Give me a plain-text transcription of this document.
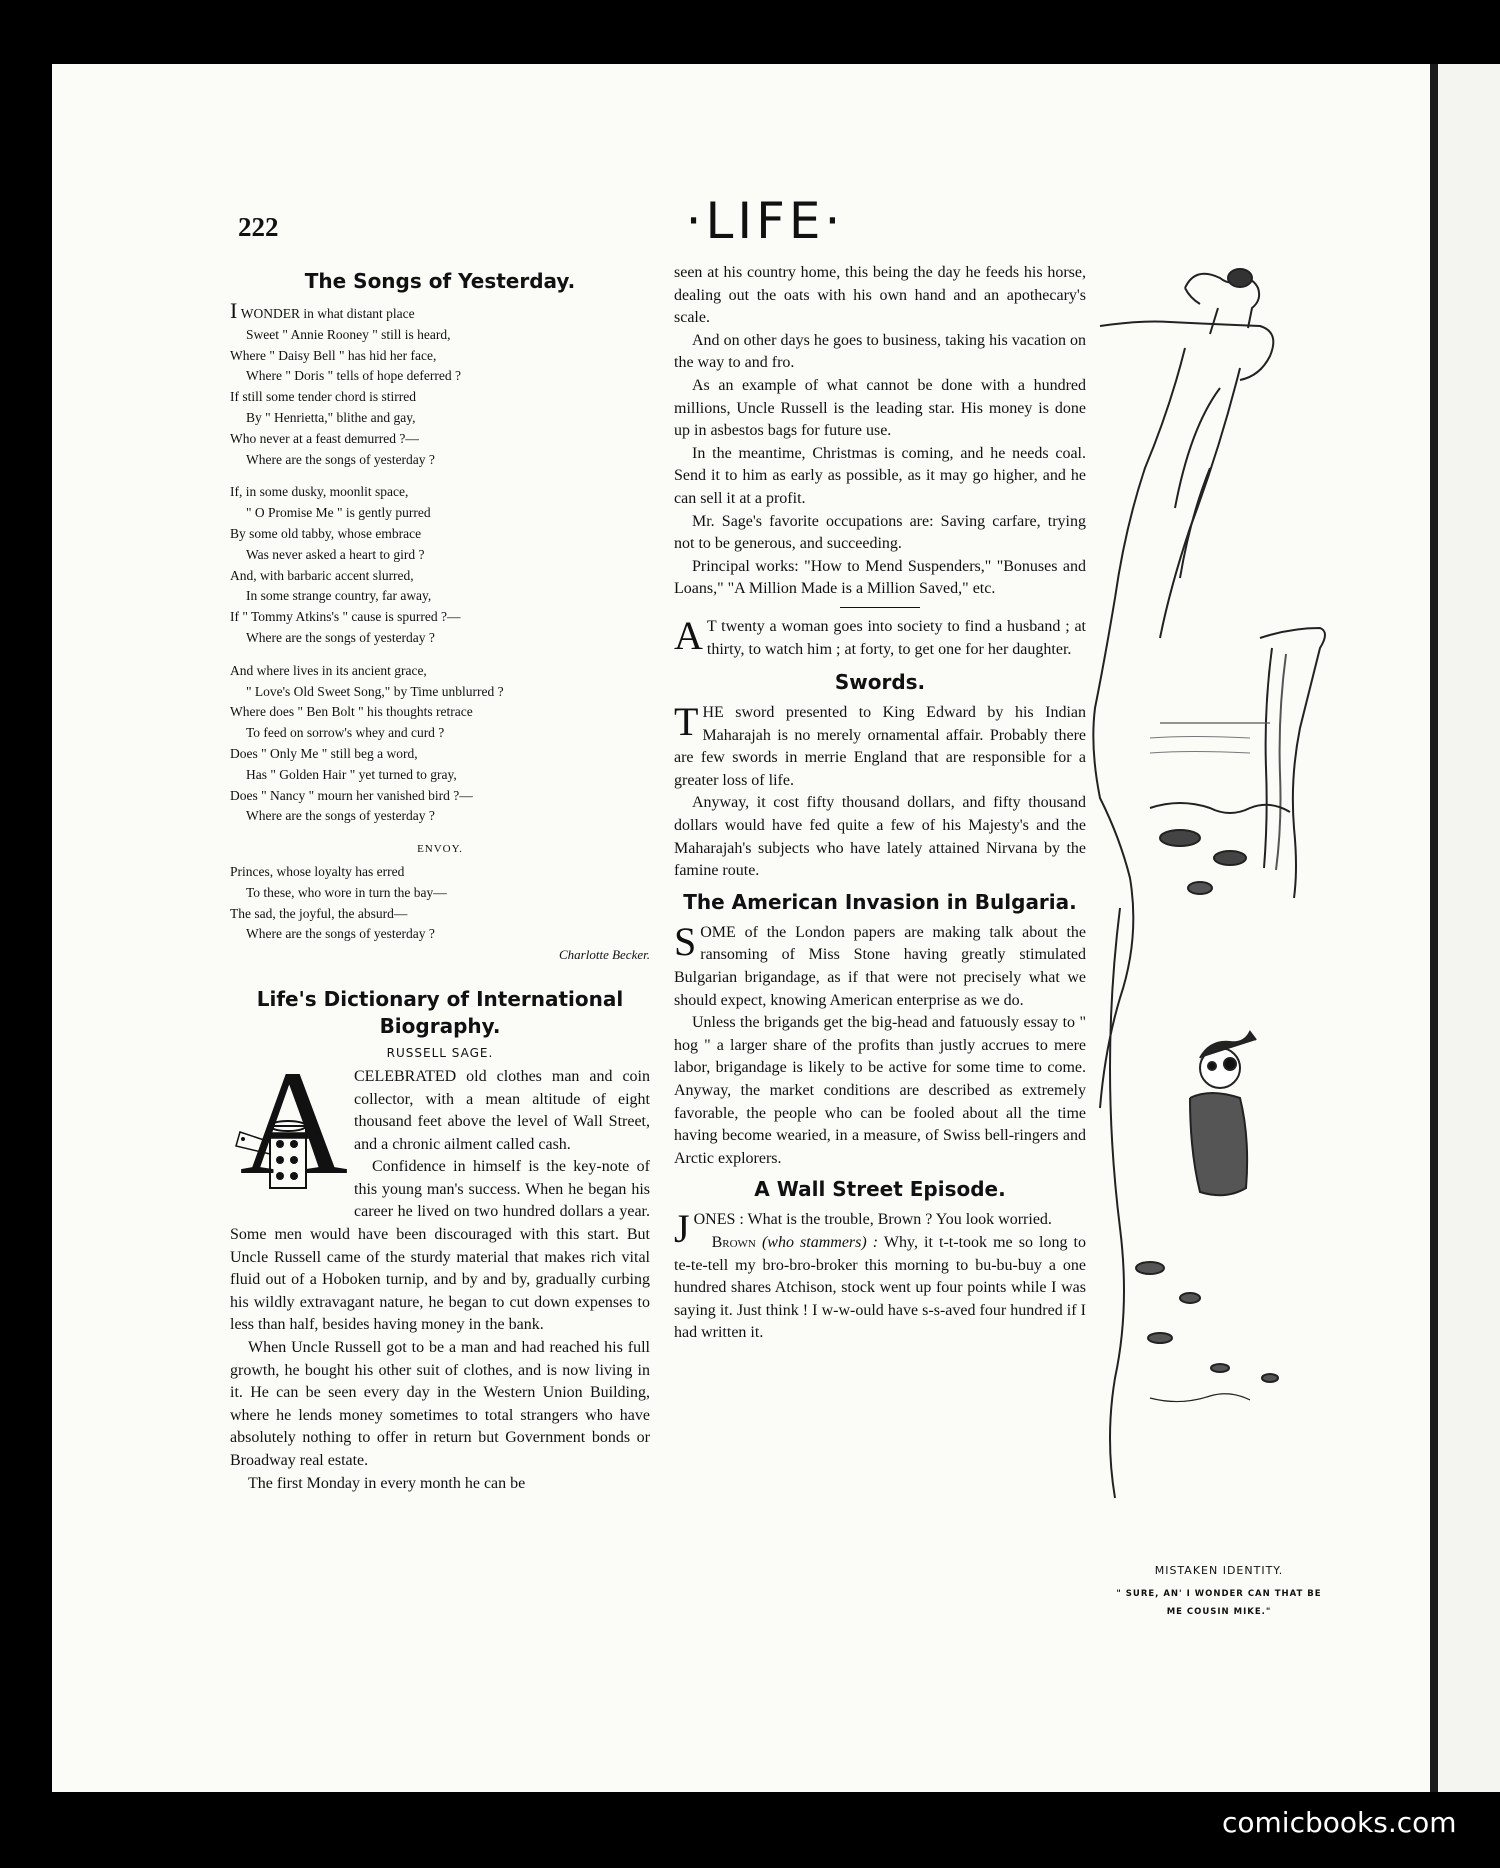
222	·LIFE·
The Songs of Yesterday.
I WONDER in what distant place
Sweet " Annie Rooney " still is heard,
Where " Daisy Bell " has hid her face,
Where " Doris " tells of hope deferred ?
If still some tender chord is stirred
By " Henrietta," blithe and gay,
Who never at a feast demurred ?—
Where are the songs of yesterday ?
If, in some dusky, moonlit space,
" O Promise Me " is gently purred
By some old tabby, whose embrace
Was never asked a heart to gird ?
And, with barbaric accent slurred,
In some strange country, far away,
If " Tommy Atkins's " cause is spurred ?—
Where are the songs of yesterday ?
And where lives in its ancient grace,
" Love's Old Sweet Song," by Time unblurred ?
Where does " Ben Bolt " his thoughts retrace
To feed on sorrow's whey and curd ?
Does " Only Me " still beg a word,
Has " Golden Hair " yet turned to gray,
Does " Nancy " mourn her vanished bird ?—
Where are the songs of yesterday ?
ENVOY.
Princes, whose loyalty has erred
To these, who wore in turn the bay—
The sad, the joyful, the absurd—
Where are the songs of yesterday ?
Charlotte Becker.
Life's Dictionary of International Biography.
RUSSELL SAGE.
A CELEBRATED old clothes man and coin collector, with a mean altitude of eight thousand feet above the level of Wall Street, and a chronic ailment called cash.

Confidence in himself is the key-note of this young man's success. When he began his career he lived on two hundred dollars a year. Some men would have been discouraged with this start. But Uncle Russell came of the sturdy material that makes rich vital fluid out of a Hoboken turnip, and by and by, gradually curbing his wildly extravagant nature, he began to cut down expenses to less than half, besides having money in the bank.

When Uncle Russell got to be a man and had reached his full growth, he bought his other suit of clothes, and is now living in it. He can be seen every day in the Western Union Building, where he lends money sometimes to total strangers who have absolutely nothing to offer in return but Government bonds or Broadway real estate.

The first Monday in every month he can be

seen at his country home, this being the day he feeds his horse, dealing out the oats with his own hand and an apothecary's scale.

And on other days he goes to business, taking his vacation on the way to and fro.

As an example of what cannot be done with a hundred millions, Uncle Russell is the leading star. His money is done up in asbestos bags for future use.

In the meantime, Christmas is coming, and he needs coal. Send it to him as early as possible, as it may go higher, and he can sell it at a profit.

Mr. Sage's favorite occupations are: Saving carfare, trying not to be generous, and succeeding.

Principal works: "How to Mend Suspenders," "Bonuses and Loans," "A Million Made is a Million Saved," etc.

A T twenty a woman goes into society to find a husband ; at thirty, to watch him ; at forty, to get one for her daughter.

Swords.

THE sword presented to King Edward by his Indian Maharajah is no merely ornamental affair. Probably there are few swords in merrie England that are responsible for a greater loss of life.

Anyway, it cost fifty thousand dollars, and fifty thousand dollars would have fed quite a few of his Majesty's and the Maharajah's subjects who have lately attained Nirvana by the famine route.

The American Invasion in Bulgaria.

SOME of the London papers are making talk about the ransoming of Miss Stone having greatly stimulated Bulgarian brigandage, as if that were not precisely what we should expect, knowing American enterprise as we do.

Unless the brigands get the big-head and fatuously essay to " hog " a larger share of the profits than justly accrues to mere labor, brigandage is likely to be active for some time to come. Anyway, the market conditions are described as extremely favorable, the people who can be fooled about all the time having become wearied, in a measure, of Swiss bell-ringers and Arctic explorers.

A Wall Street Episode.

JONES : What is the trouble, Brown ? You look worried.

Brown (who stammers) : Why, it t-t-took me so long to te-te-tell my bro-bro-broker this morning to bu-bu-buy a one hundred shares Atchison, stock went up four points while I was saying it. Just think ! I w-w-ould have s-s-aved four hundred if I had written it.

MISTAKEN IDENTITY.
" SURE, AN' I WONDER CAN THAT BE
ME COUSIN MIKE."
comicbooks.com
